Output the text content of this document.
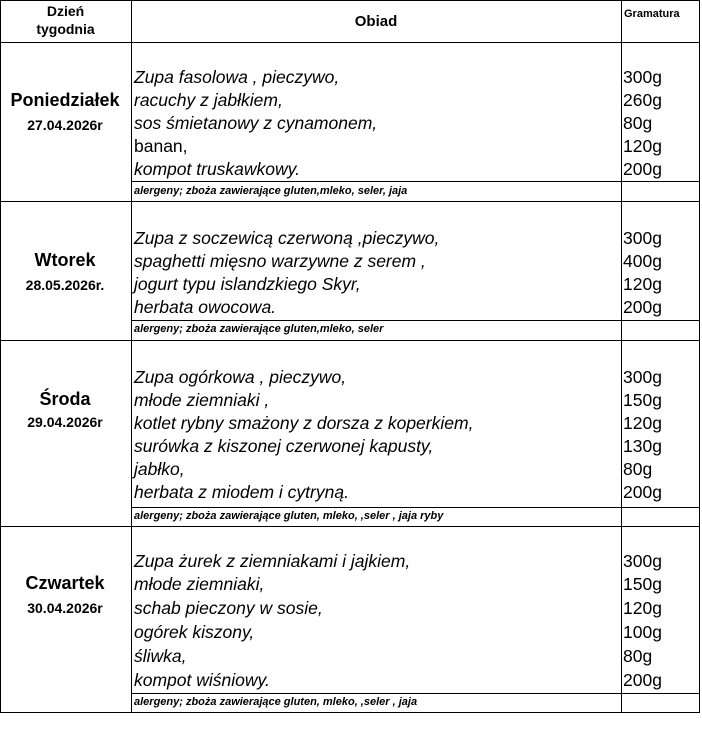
Dzień
tygodnia	Obiad	Gramatura
Poniedziałek
27.04.2026r
Zupa fasolowa , pieczywo,
racuchy z jabłkiem,
sos śmietanowy z cynamonem,
banan,
kompot truskawkowy.
300g
260g
80g
120g
200g
alergeny; zboża zawierające gluten,mleko, seler, jaja
Wtorek
28.05.2026r.
Zupa z soczewicą czerwoną ,pieczywo,
spaghetti mięsno warzywne z serem ,
jogurt typu islandzkiego Skyr,
herbata owocowa.
300g
400g
120g
200g
alergeny; zboża zawierające gluten,mleko, seler
Środa
29.04.2026r
Zupa ogórkowa , pieczywo,
młode ziemniaki ,
kotlet rybny smażony z dorsza z koperkiem,
surówka z kiszonej czerwonej kapusty,
jabłko,
herbata z miodem i cytryną.
300g
150g
120g
130g
80g
200g
alergeny; zboża zawierające gluten, mleko, ,seler , jaja ryby
Czwartek
30.04.2026r
Zupa żurek z ziemniakami i jajkiem,
młode ziemniaki,
schab pieczony w sosie,
ogórek kiszony,
śliwka,
kompot wiśniowy.
300g
150g
120g
100g
80g
200g
alergeny; zboża zawierające gluten, mleko, ,seler , jaja
